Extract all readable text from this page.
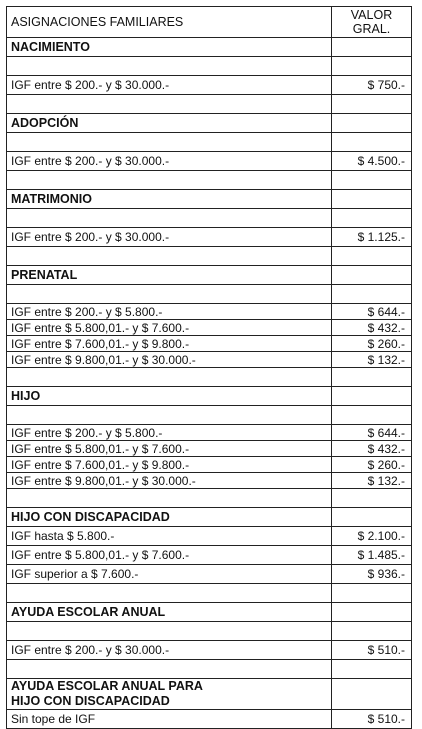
ASIGNACIONES FAMILIARES	VALOR
GRAL.
NACIMIENTO	

IGF entre $ 200.- y $ 30.000.-	$ 750.-

ADOPCIÓN	

IGF entre $ 200.- y $ 30.000.-	$ 4.500.-

MATRIMONIO	

IGF entre $ 200.- y $ 30.000.-	$ 1.125.-

PRENATAL	

IGF entre $ 200.- y $ 5.800.-	$ 644.-
IGF entre $ 5.800,01.- y $ 7.600.-	$ 432.-
IGF entre $ 7.600,01.- y $ 9.800.-	$ 260.-
IGF entre $ 9.800,01.- y $ 30.000.-	$ 132.-

HIJO	

IGF entre $ 200.- y $ 5.800.-	$ 644.-
IGF entre $ 5.800,01.- y $ 7.600.-	$ 432.-
IGF entre $ 7.600,01.- y $ 9.800.-	$ 260.-
IGF entre $ 9.800,01.- y $ 30.000.-	$ 132.-

HIJO CON DISCAPACIDAD	
IGF hasta $ 5.800.-	$ 2.100.-
IGF entre $ 5.800,01.- y $ 7.600.-	$ 1.485.-
IGF superior a $ 7.600.-	$ 936.-

AYUDA ESCOLAR ANUAL	

IGF entre $ 200.- y $ 30.000.-	$ 510.-

AYUDA ESCOLAR ANUAL PARA
HIJO CON DISCAPACIDAD	
Sin tope de IGF	$ 510.-
